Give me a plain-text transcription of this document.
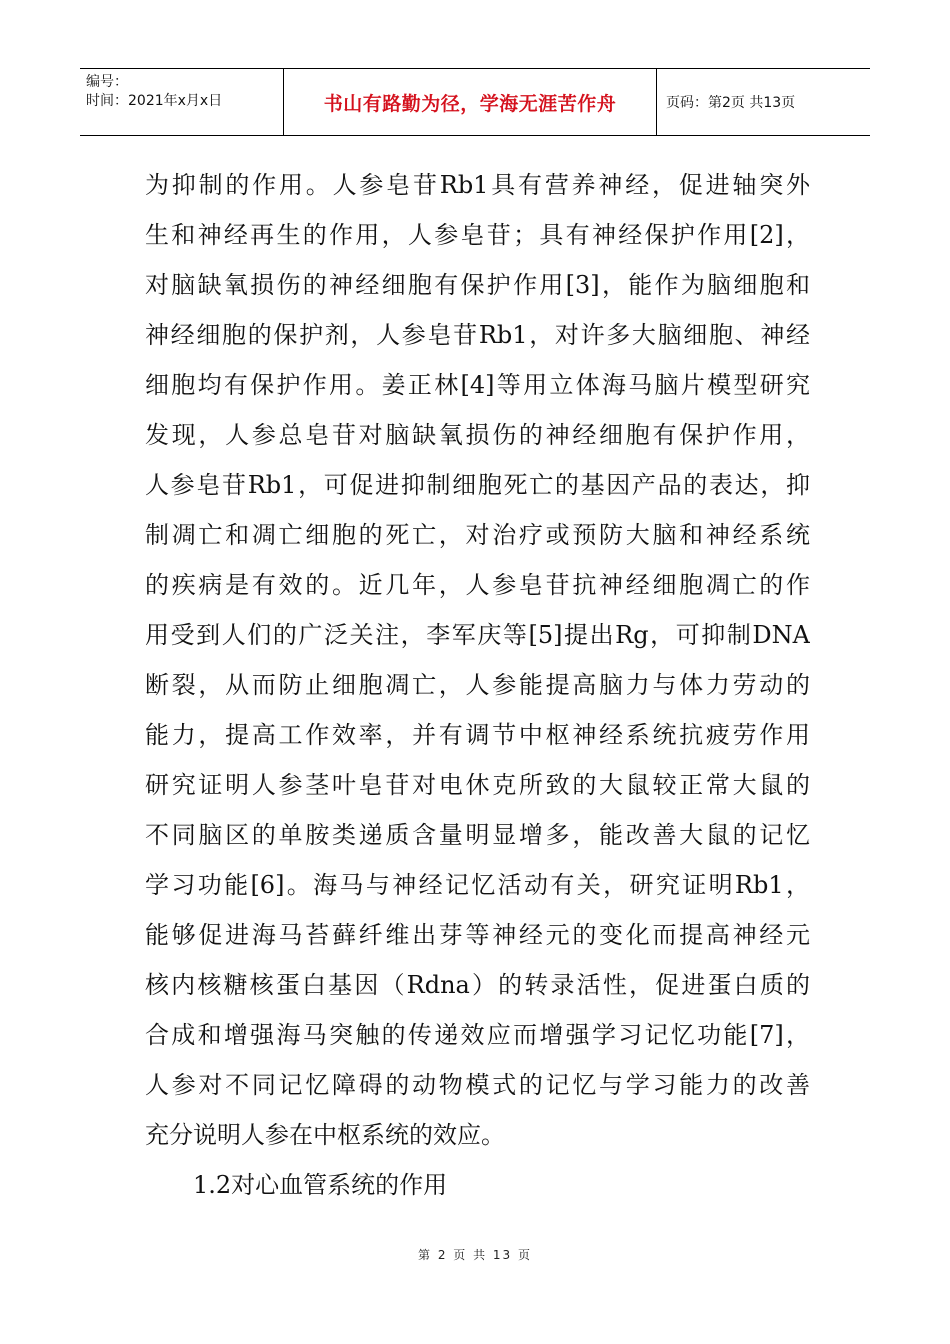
编号：
时间：2021年x月x日	书山有路勤为径，学海无涯苦作舟	页码：第2页 共13页
为抑制的作用。人参皂苷Rb1具有营养神经，促进轴突外
生和神经再生的作用，人参皂苷；具有神经保护作用[2]，
对脑缺氧损伤的神经细胞有保护作用[3]，能作为脑细胞和
神经细胞的保护剂，人参皂苷Rb1，对许多大脑细胞、神经
细胞均有保护作用。姜正林[4]等用立体海马脑片模型研究
发现，人参总皂苷对脑缺氧损伤的神经细胞有保护作用，
人参皂苷Rb1，可促进抑制细胞死亡的基因产品的表达，抑
制凋亡和凋亡细胞的死亡，对治疗或预防大脑和神经系统
的疾病是有效的。近几年，人参皂苷抗神经细胞凋亡的作
用受到人们的广泛关注，李军庆等[5]提出Rg，可抑制DNA
断裂，从而防止细胞凋亡，人参能提高脑力与体力劳动的
能力，提高工作效率，并有调节中枢神经系统抗疲劳作用
研究证明人参茎叶皂苷对电休克所致的大鼠较正常大鼠的
不同脑区的单胺类递质含量明显增多，能改善大鼠的记忆
学习功能[6]。海马与神经记忆活动有关，研究证明Rb1，
能够促进海马苔藓纤维出芽等神经元的变化而提高神经元
核内核糖核蛋白基因（Rdna）的转录活性，促进蛋白质的
合成和增强海马突触的传递效应而增强学习记忆功能[7]，
人参对不同记忆障碍的动物模式的记忆与学习能力的改善
充分说明人参在中枢系统的效应。
1.2对心血管系统的作用
第 2 页 共 13 页
